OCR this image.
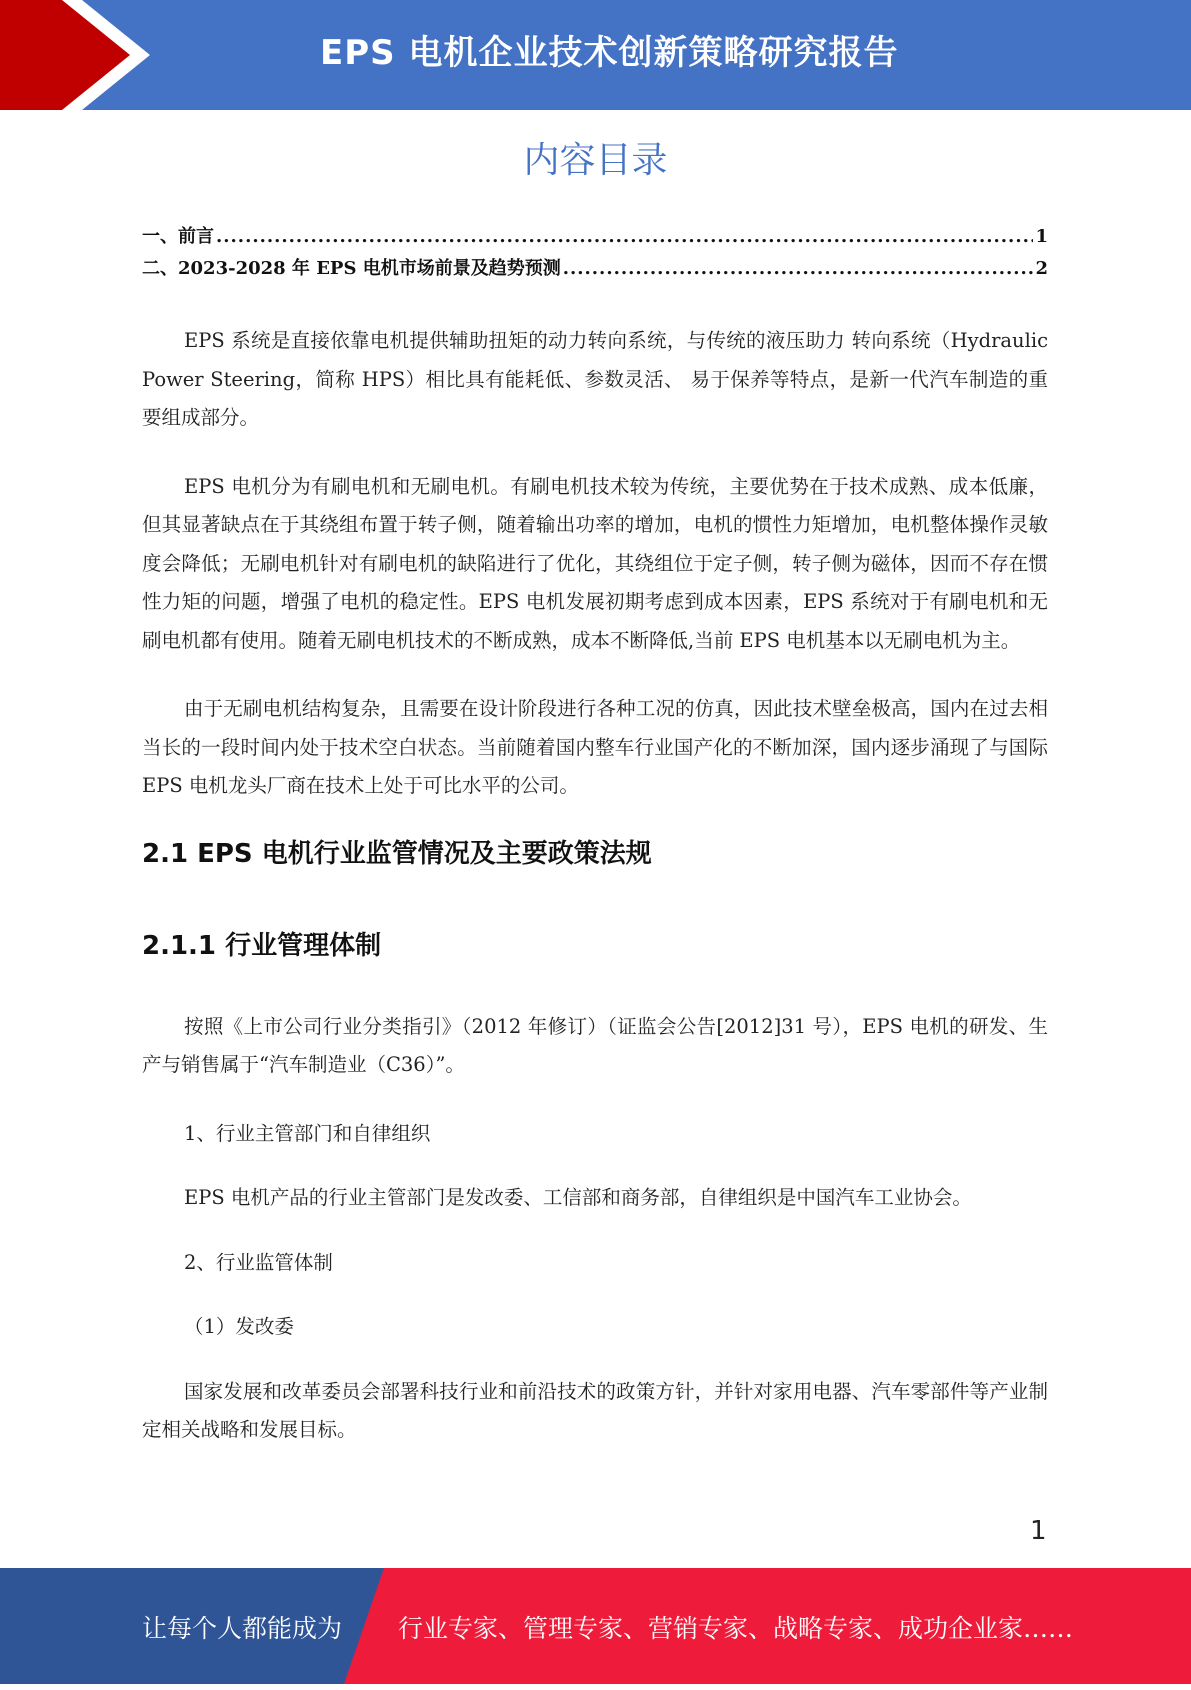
EPS 电机企业技术创新策略研究报告
内容目录
一、前言 .....	1
二、2023-2028 年 EPS 电机市场前景及趋势预测 .....	2

EPS 系统是直接依靠电机提供辅助扭矩的动力转向系统，与传统的液压助力 转向系统（Hydraulic Power Steering，简称 HPS）相比具有能耗低、参数灵活、 易于保养等特点，是新一代汽车制造的重要组成部分。

EPS 电机分为有刷电机和无刷电机。有刷电机技术较为传统，主要优势在于技术成熟、成本低廉，但其显著缺点在于其绕组布置于转子侧，随着输出功率的增加，电机的惯性力矩增加，电机整体操作灵敏度会降低；无刷电机针对有刷电机的缺陷进行了优化，其绕组位于定子侧，转子侧为磁体，因而不存在惯性力矩的问题，增强了电机的稳定性。EPS 电机发展初期考虑到成本因素，EPS 系统对于有刷电机和无刷电机都有使用。随着无刷电机技术的不断成熟，成本不断降低,当前 EPS 电机基本以无刷电机为主。

由于无刷电机结构复杂，且需要在设计阶段进行各种工况的仿真，因此技术壁垒极高，国内在过去相当长的一段时间内处于技术空白状态。当前随着国内整车行业国产化的不断加深，国内逐步涌现了与国际 EPS 电机龙头厂商在技术上处于可比水平的公司。

2.1 EPS 电机行业监管情况及主要政策法规
2.1.1 行业管理体制

按照《上市公司行业分类指引》（2012 年修订）（证监会公告[2012]31 号），EPS 电机的研发、生产与销售属于“汽车制造业（C36）”。

1、行业主管部门和自律组织

EPS 电机产品的行业主管部门是发改委、工信部和商务部，自律组织是中国汽车工业协会。

2、行业监管体制

（1）发改委

国家发展和改革委员会部署科技行业和前沿技术的政策方针，并针对家用电器、汽车零部件等产业制定相关战略和发展目标。

1
让每个人都能成为 行业专家、管理专家、营销专家、战略专家、成功企业家……
